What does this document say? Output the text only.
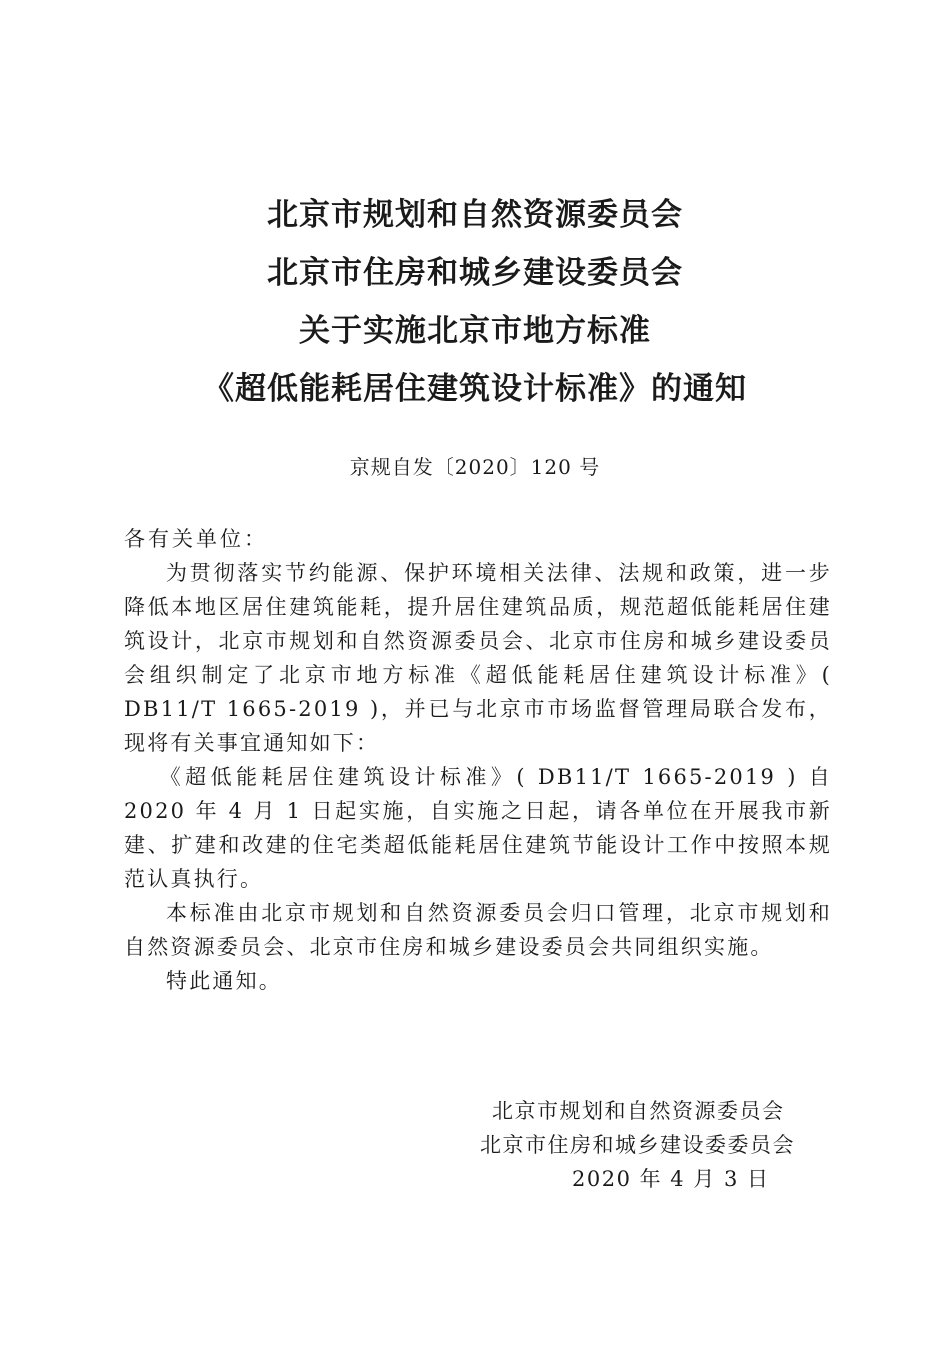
北京市规划和自然资源委员会
北京市住房和城乡建设委员会
关于实施北京市地方标准
《超低能耗居住建筑设计标准》的通知
京规自发〔2020〕120 号
各有关单位：
为贯彻落实节约能源、保护环境相关法律、法规和政策，进一步降低本地区居住建筑能耗，提升居住建筑品质，规范超低能耗居住建筑设计，北京市规划和自然资源委员会、北京市住房和城乡建设委员会组织制定了北京市地方标准《超低能耗居住建筑设计标准》( DB11/T 1665-2019 )，并已与北京市市场监督管理局联合发布，现将有关事宜通知如下：
《超低能耗居住建筑设计标准》( DB11/T 1665-2019 ) 自 2020 年 4 月 1 日起实施，自实施之日起，请各单位在开展我市新建、扩建和改建的住宅类超低能耗居住建筑节能设计工作中按照本规范认真执行。
本标准由北京市规划和自然资源委员会归口管理，北京市规划和自然资源委员会、北京市住房和城乡建设委员会共同组织实施。
特此通知。
北京市规划和自然资源委员会
北京市住房和城乡建设委委员会
2020 年 4 月 3 日
